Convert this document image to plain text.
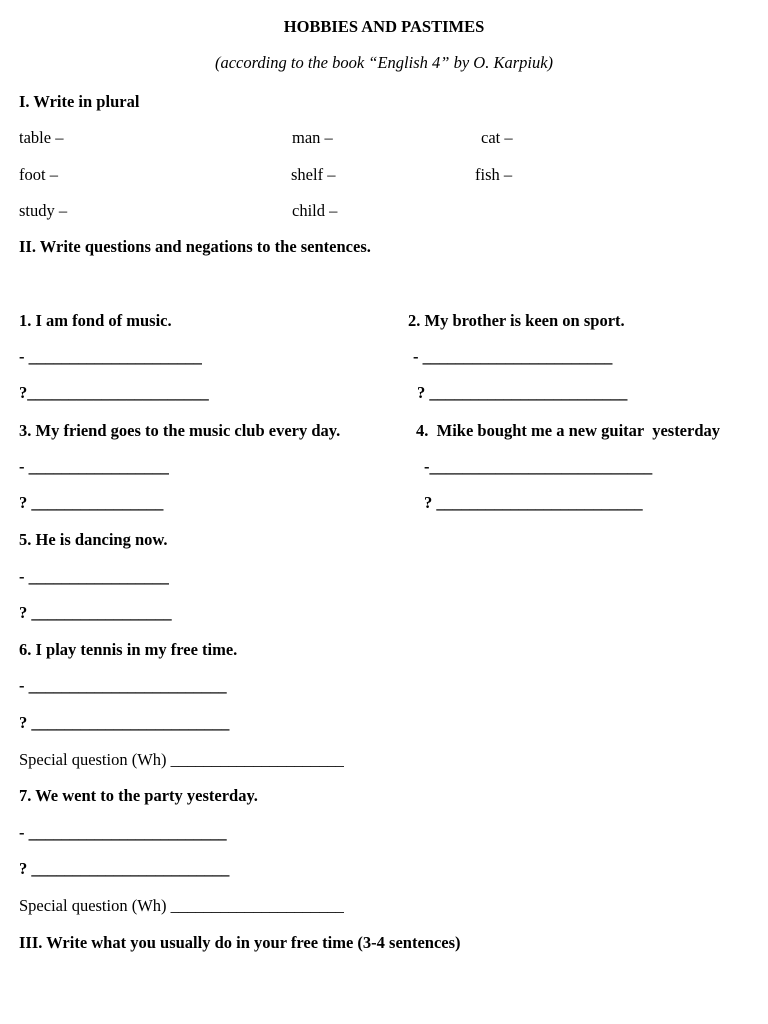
HOBBIES AND PASTIMES
(according to the book “English 4” by O. Karpiuk)
I. Write in plural
table –	man –	cat –
foot –	shelf –	fish –
study –	child –
II. Write questions and negations to the sentences.
1. I am fond of music.	2. My brother is keen on sport.
- _____________________	- _______________________
?______________________	? ________________________
3. My friend goes to the music club every day.	4.  Mike bought me a new guitar  yesterday
- _________________	-___________________________
? ________________	? _________________________
5. He is dancing now.
- _________________
? _________________
6. I play tennis in my free time.
- ________________________
? ________________________
Special question (Wh) _____________________
7. We went to the party yesterday.
- ________________________
? ________________________
Special question (Wh) _____________________
III. Write what you usually do in your free time (3-4 sentences)
